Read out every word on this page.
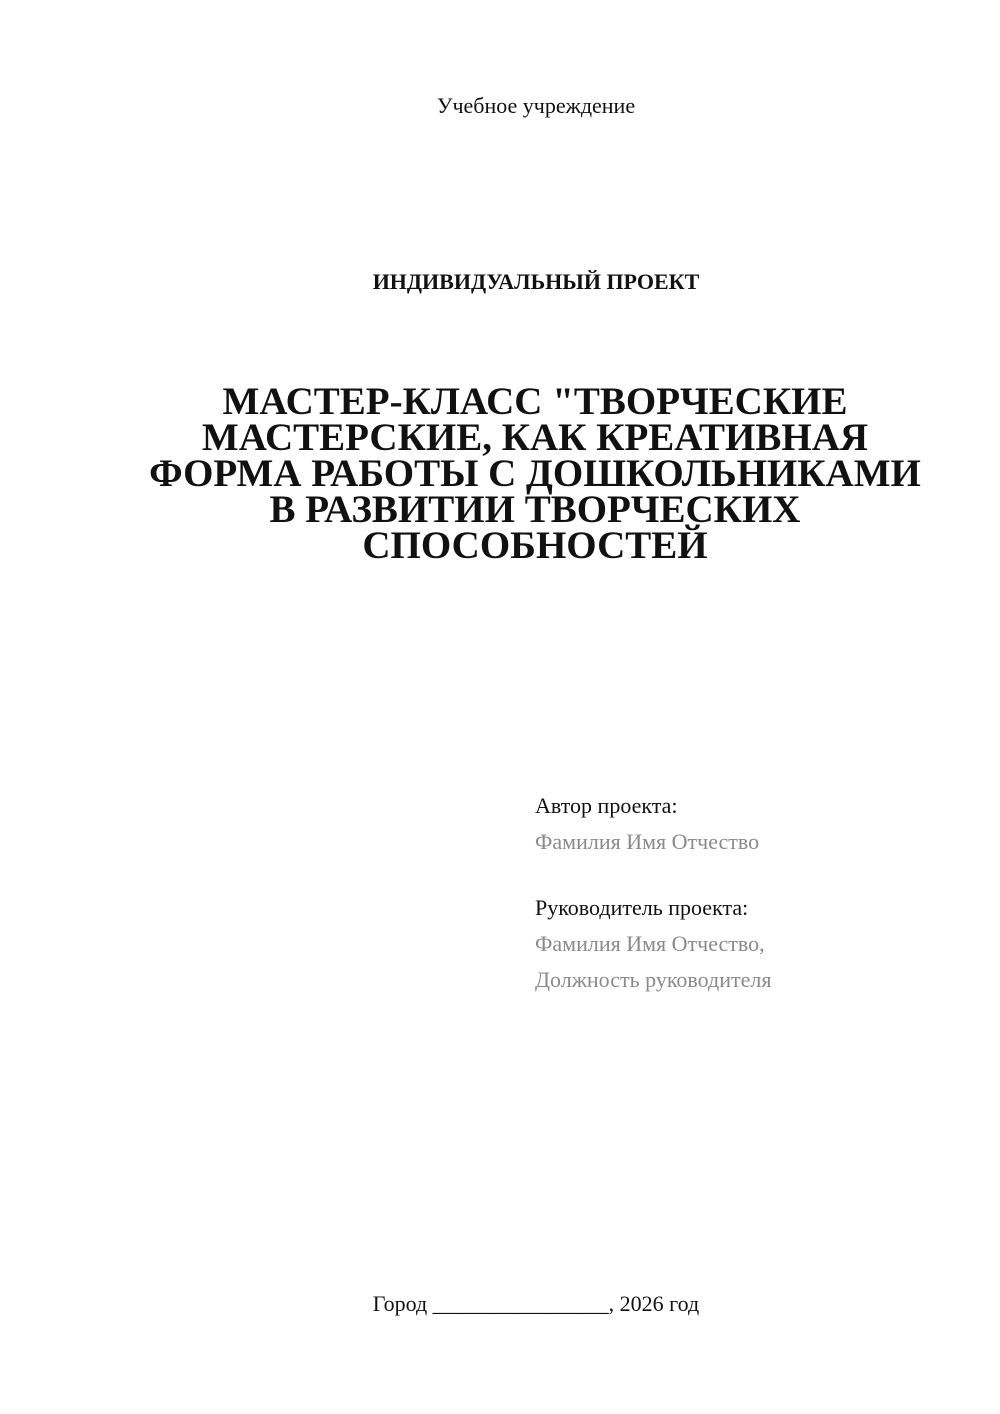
Учебное учреждение
ИНДИВИДУАЛЬНЫЙ ПРОЕКТ
МАСТЕР-КЛАСС "ТВОРЧЕСКИЕ
МАСТЕРСКИЕ, КАК КРЕАТИВНАЯ
ФОРМА РАБОТЫ С ДОШКОЛЬНИКАМИ
В РАЗВИТИИ ТВОРЧЕСКИХ
СПОСОБНОСТЕЙ
Автор проекта:
Фамилия Имя Отчество
Руководитель проекта:
Фамилия Имя Отчество,
Должность руководителя
Город ________________, 2026 год
